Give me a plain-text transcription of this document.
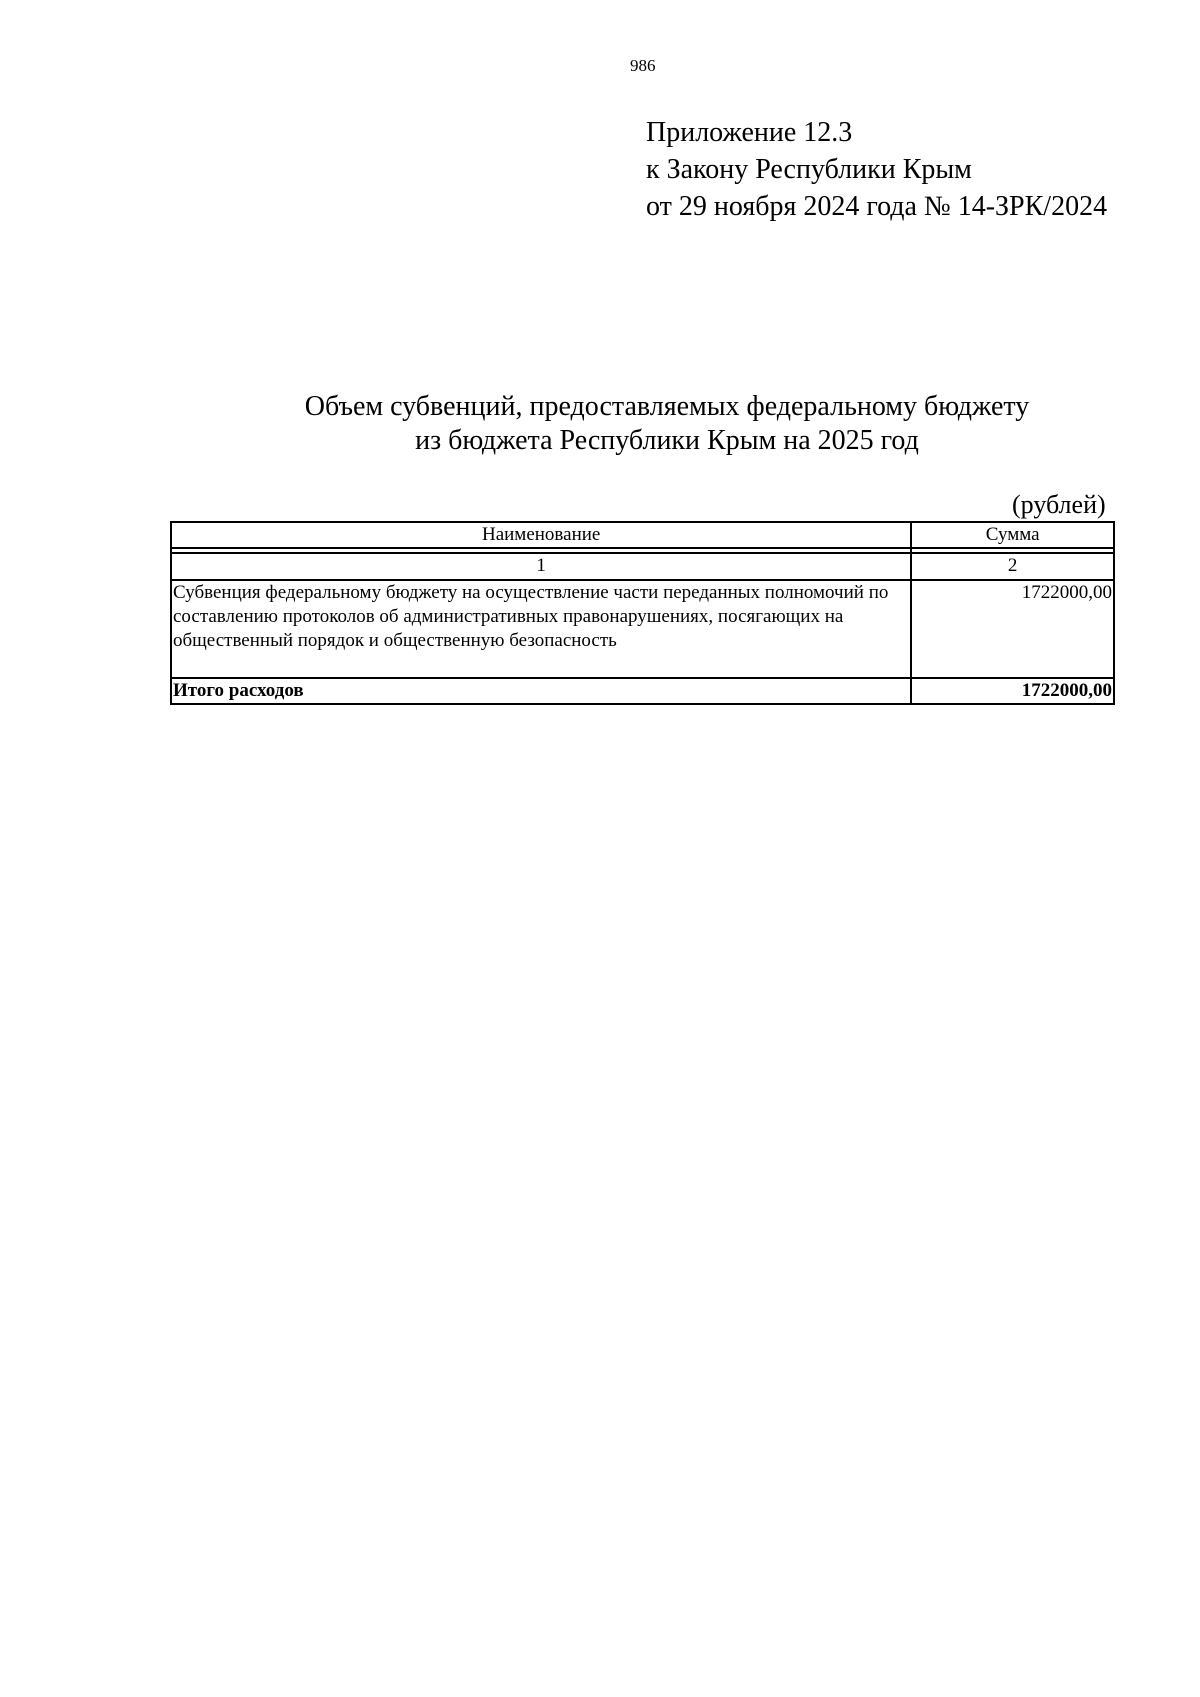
986
Приложение 12.3
к Закону Республики Крым
от 29 ноября 2024 года № 14-ЗРК/2024
Объем субвенций, предоставляемых федеральному бюджету
из бюджета Республики Крым на 2025 год
(рублей)
Наименование	Сумма

1	2
Субвенция федеральному бюджету на осуществление части переданных полномочий по составлению протоколов об административных правонарушениях, посягающих на общественный порядок и общественную безопасность	1722000,00
Итого расходов	1722000,00
